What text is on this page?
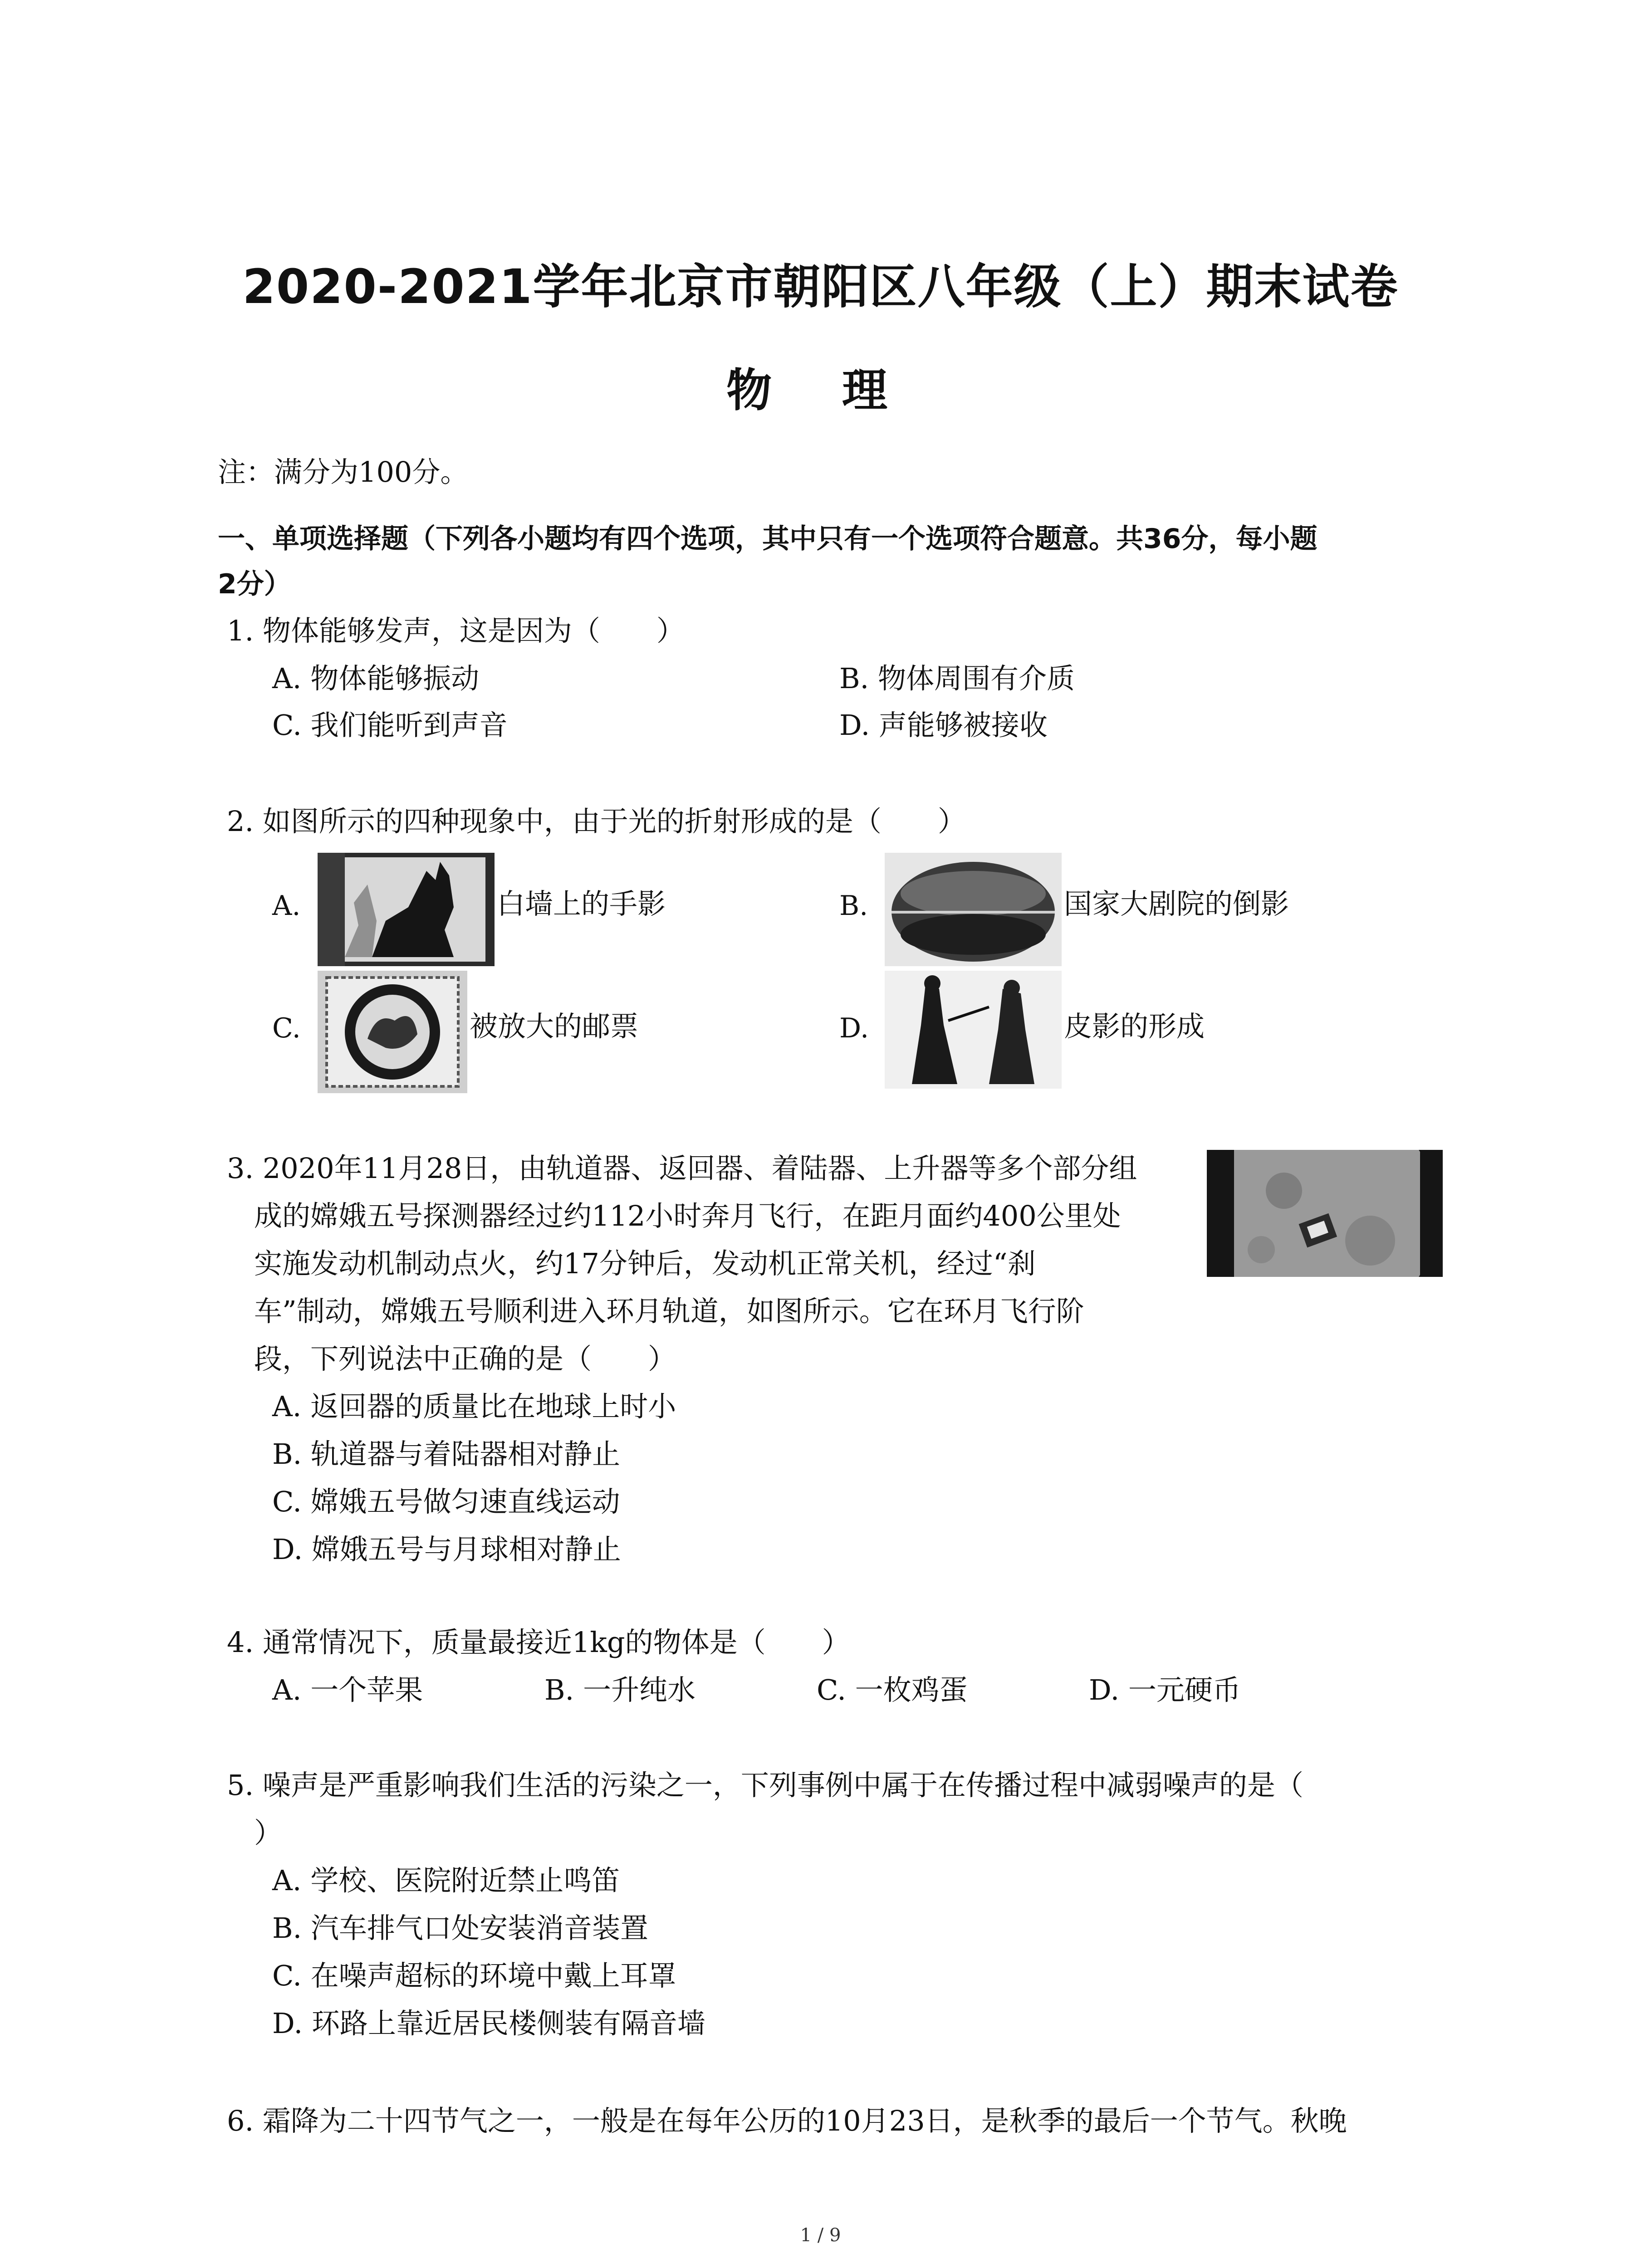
2020-2021学年北京市朝阳区八年级（上）期末试卷
物 理
注：满分为100分。
一、单项选择题（下列各小题均有四个选项，其中只有一个选项符合题意。共36分，每小题
2分）
1. 物体能够发声，这是因为（　　）
A. 物体能够振动	B. 物体周围有介质
C. 我们能听到声音	D. 声能够被接收
2. 如图所示的四种现象中，由于光的折射形成的是（　　）
A.	白墙上的手影	B.	国家大剧院的倒影
C.	被放大的邮票	D.	皮影的形成
3. 2020年11月28日，由轨道器、返回器、着陆器、上升器等多个部分组
成的嫦娥五号探测器经过约112小时奔月飞行，在距月面约400公里处
实施发动机制动点火，约17分钟后，发动机正常关机，经过“刹
车”制动，嫦娥五号顺利进入环月轨道，如图所示。它在环月飞行阶
段，下列说法中正确的是（　　）
A. 返回器的质量比在地球上时小
B. 轨道器与着陆器相对静止
C. 嫦娥五号做匀速直线运动
D. 嫦娥五号与月球相对静止
4. 通常情况下，质量最接近1kg的物体是（　　）
A. 一个苹果	B. 一升纯水	C. 一枚鸡蛋	D. 一元硬币
5. 噪声是严重影响我们生活的污染之一，下列事例中属于在传播过程中减弱噪声的是（
）
A. 学校、医院附近禁止鸣笛
B. 汽车排气口处安装消音装置
C. 在噪声超标的环境中戴上耳罩
D. 环路上靠近居民楼侧装有隔音墙
6. 霜降为二十四节气之一，一般是在每年公历的10月23日，是秋季的最后一个节气。秋晚
1 / 9
